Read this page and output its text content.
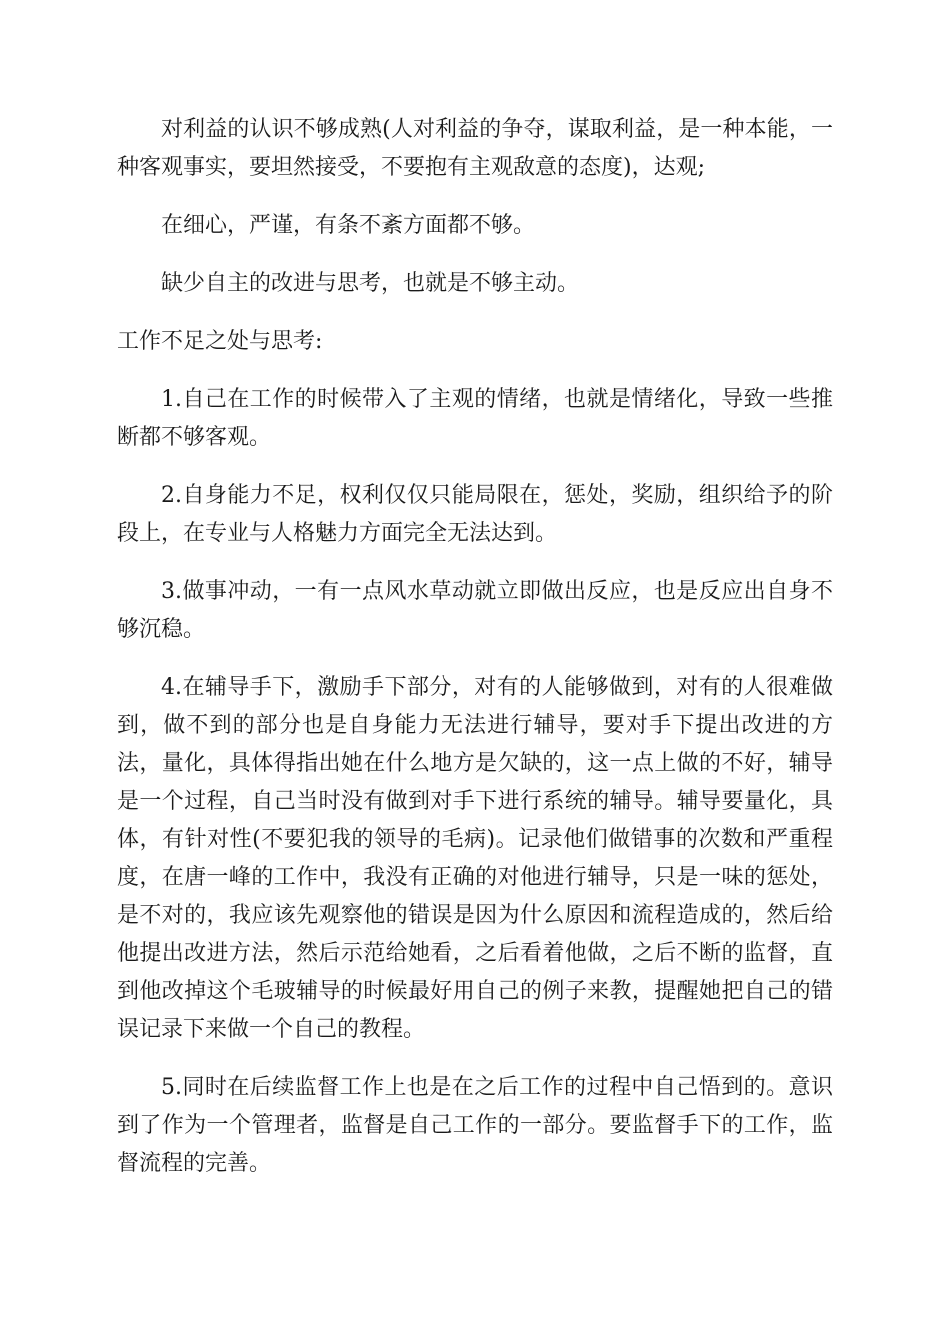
对利益的认识不够成熟(人对利益的争夺，谋取利益，是一种本能，一种客观事实，要坦然接受，不要抱有主观敌意的态度)，达观;

在细心，严谨，有条不紊方面都不够。

缺少自主的改进与思考，也就是不够主动。

工作不足之处与思考:

1.自己在工作的时候带入了主观的情绪，也就是情绪化，导致一些推断都不够客观。

2.自身能力不足，权利仅仅只能局限在，惩处，奖励，组织给予的阶段上，在专业与人格魅力方面完全无法达到。

3.做事冲动，一有一点风水草动就立即做出反应，也是反应出自身不够沉稳。

4.在辅导手下，激励手下部分，对有的人能够做到，对有的人很难做到，做不到的部分也是自身能力无法进行辅导，要对手下提出改进的方法，量化，具体得指出她在什么地方是欠缺的，这一点上做的不好，辅导是一个过程，自己当时没有做到对手下进行系统的辅导。辅导要量化，具体，有针对性(不要犯我的领导的毛病)。记录他们做错事的次数和严重程度，在唐一峰的工作中，我没有正确的对他进行辅导，只是一味的惩处，是不对的，我应该先观察他的错误是因为什么原因和流程造成的，然后给他提出改进方法，然后示范给她看，之后看着他做，之后不断的监督，直到他改掉这个毛玻辅导的时候最好用自己的例子来教，提醒她把自己的错误记录下来做一个自己的教程。

5.同时在后续监督工作上也是在之后工作的过程中自己悟到的。意识到了作为一个管理者，监督是自己工作的一部分。要监督手下的工作，监督流程的完善。
